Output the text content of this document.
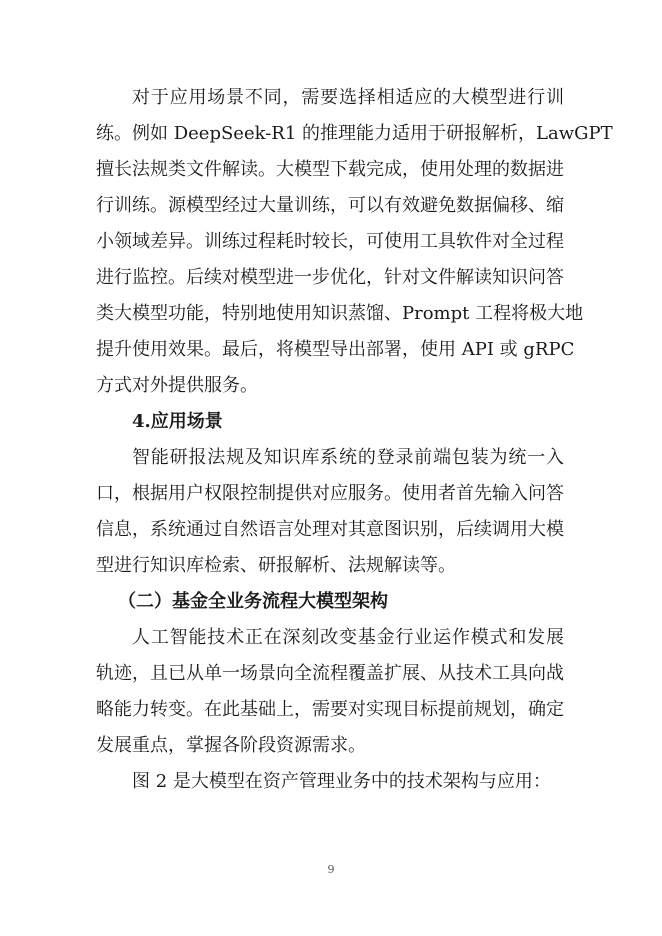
对于应用场景不同，需要选择相适应的大模型进行训
练。例如 DeepSeek-R1 的推理能力适用于研报解析，LawGPT
擅长法规类文件解读。大模型下载完成，使用处理的数据进
行训练。源模型经过大量训练，可以有效避免数据偏移、缩
小领域差异。训练过程耗时较长，可使用工具软件对全过程
进行监控。后续对模型进一步优化，针对文件解读知识问答
类大模型功能，特别地使用知识蒸馏、Prompt 工程将极大地
提升使用效果。最后，将模型导出部署，使用 API 或 gRPC
方式对外提供服务。
4.应用场景
智能研报法规及知识库系统的登录前端包装为统一入
口，根据用户权限控制提供对应服务。使用者首先输入问答
信息，系统通过自然语言处理对其意图识别，后续调用大模
型进行知识库检索、研报解析、法规解读等。
（二）基金全业务流程大模型架构
人工智能技术正在深刻改变基金行业运作模式和发展
轨迹，且已从单一场景向全流程覆盖扩展、从技术工具向战
略能力转变。在此基础上，需要对实现目标提前规划，确定
发展重点，掌握各阶段资源需求。
图 2 是大模型在资产管理业务中的技术架构与应用：
9
